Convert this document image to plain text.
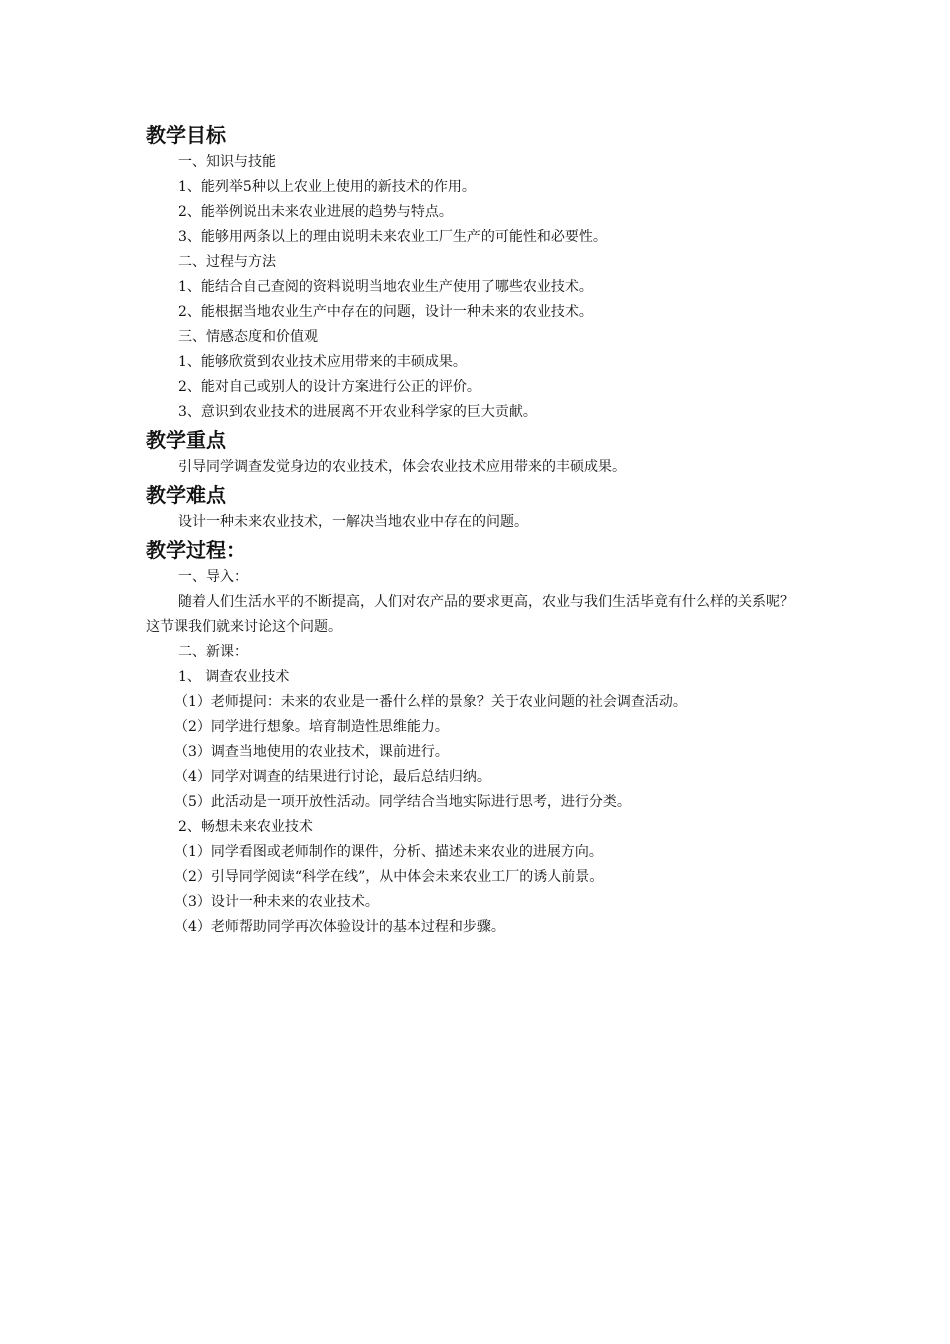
教学目标
一、知识与技能
1、能列举5种以上农业上使用的新技术的作用。
2、能举例说出未来农业进展的趋势与特点。
3、能够用两条以上的理由说明未来农业工厂生产的可能性和必要性。
二、过程与方法
1、能结合自己查阅的资料说明当地农业生产使用了哪些农业技术。
2、能根据当地农业生产中存在的问题，设计一种未来的农业技术。
三、情感态度和价值观
1、能够欣赏到农业技术应用带来的丰硕成果。
2、能对自己或别人的设计方案进行公正的评价。
3、意识到农业技术的进展离不开农业科学家的巨大贡献。
教学重点
引导同学调查发觉身边的农业技术，体会农业技术应用带来的丰硕成果。
教学难点
设计一种未来农业技术，一解决当地农业中存在的问题。
教学过程：
一、导入：
随着人们生活水平的不断提高，人们对农产品的要求更高，农业与我们生活毕竟有什么样的关系呢？这节课我们就来讨论这个问题。
二、新课：
1、 调查农业技术
（1）老师提问：未来的农业是一番什么样的景象？关于农业问题的社会调查活动。
（2）同学进行想象。培育制造性思维能力。
（3）调查当地使用的农业技术，课前进行。
（4）同学对调查的结果进行讨论，最后总结归纳。
（5）此活动是一项开放性活动。同学结合当地实际进行思考，进行分类。
2、畅想未来农业技术
（1）同学看图或老师制作的课件，分析、描述未来农业的进展方向。
（2）引导同学阅读“科学在线”，从中体会未来农业工厂的诱人前景。
（3）设计一种未来的农业技术。
（4）老师帮助同学再次体验设计的基本过程和步骤。
